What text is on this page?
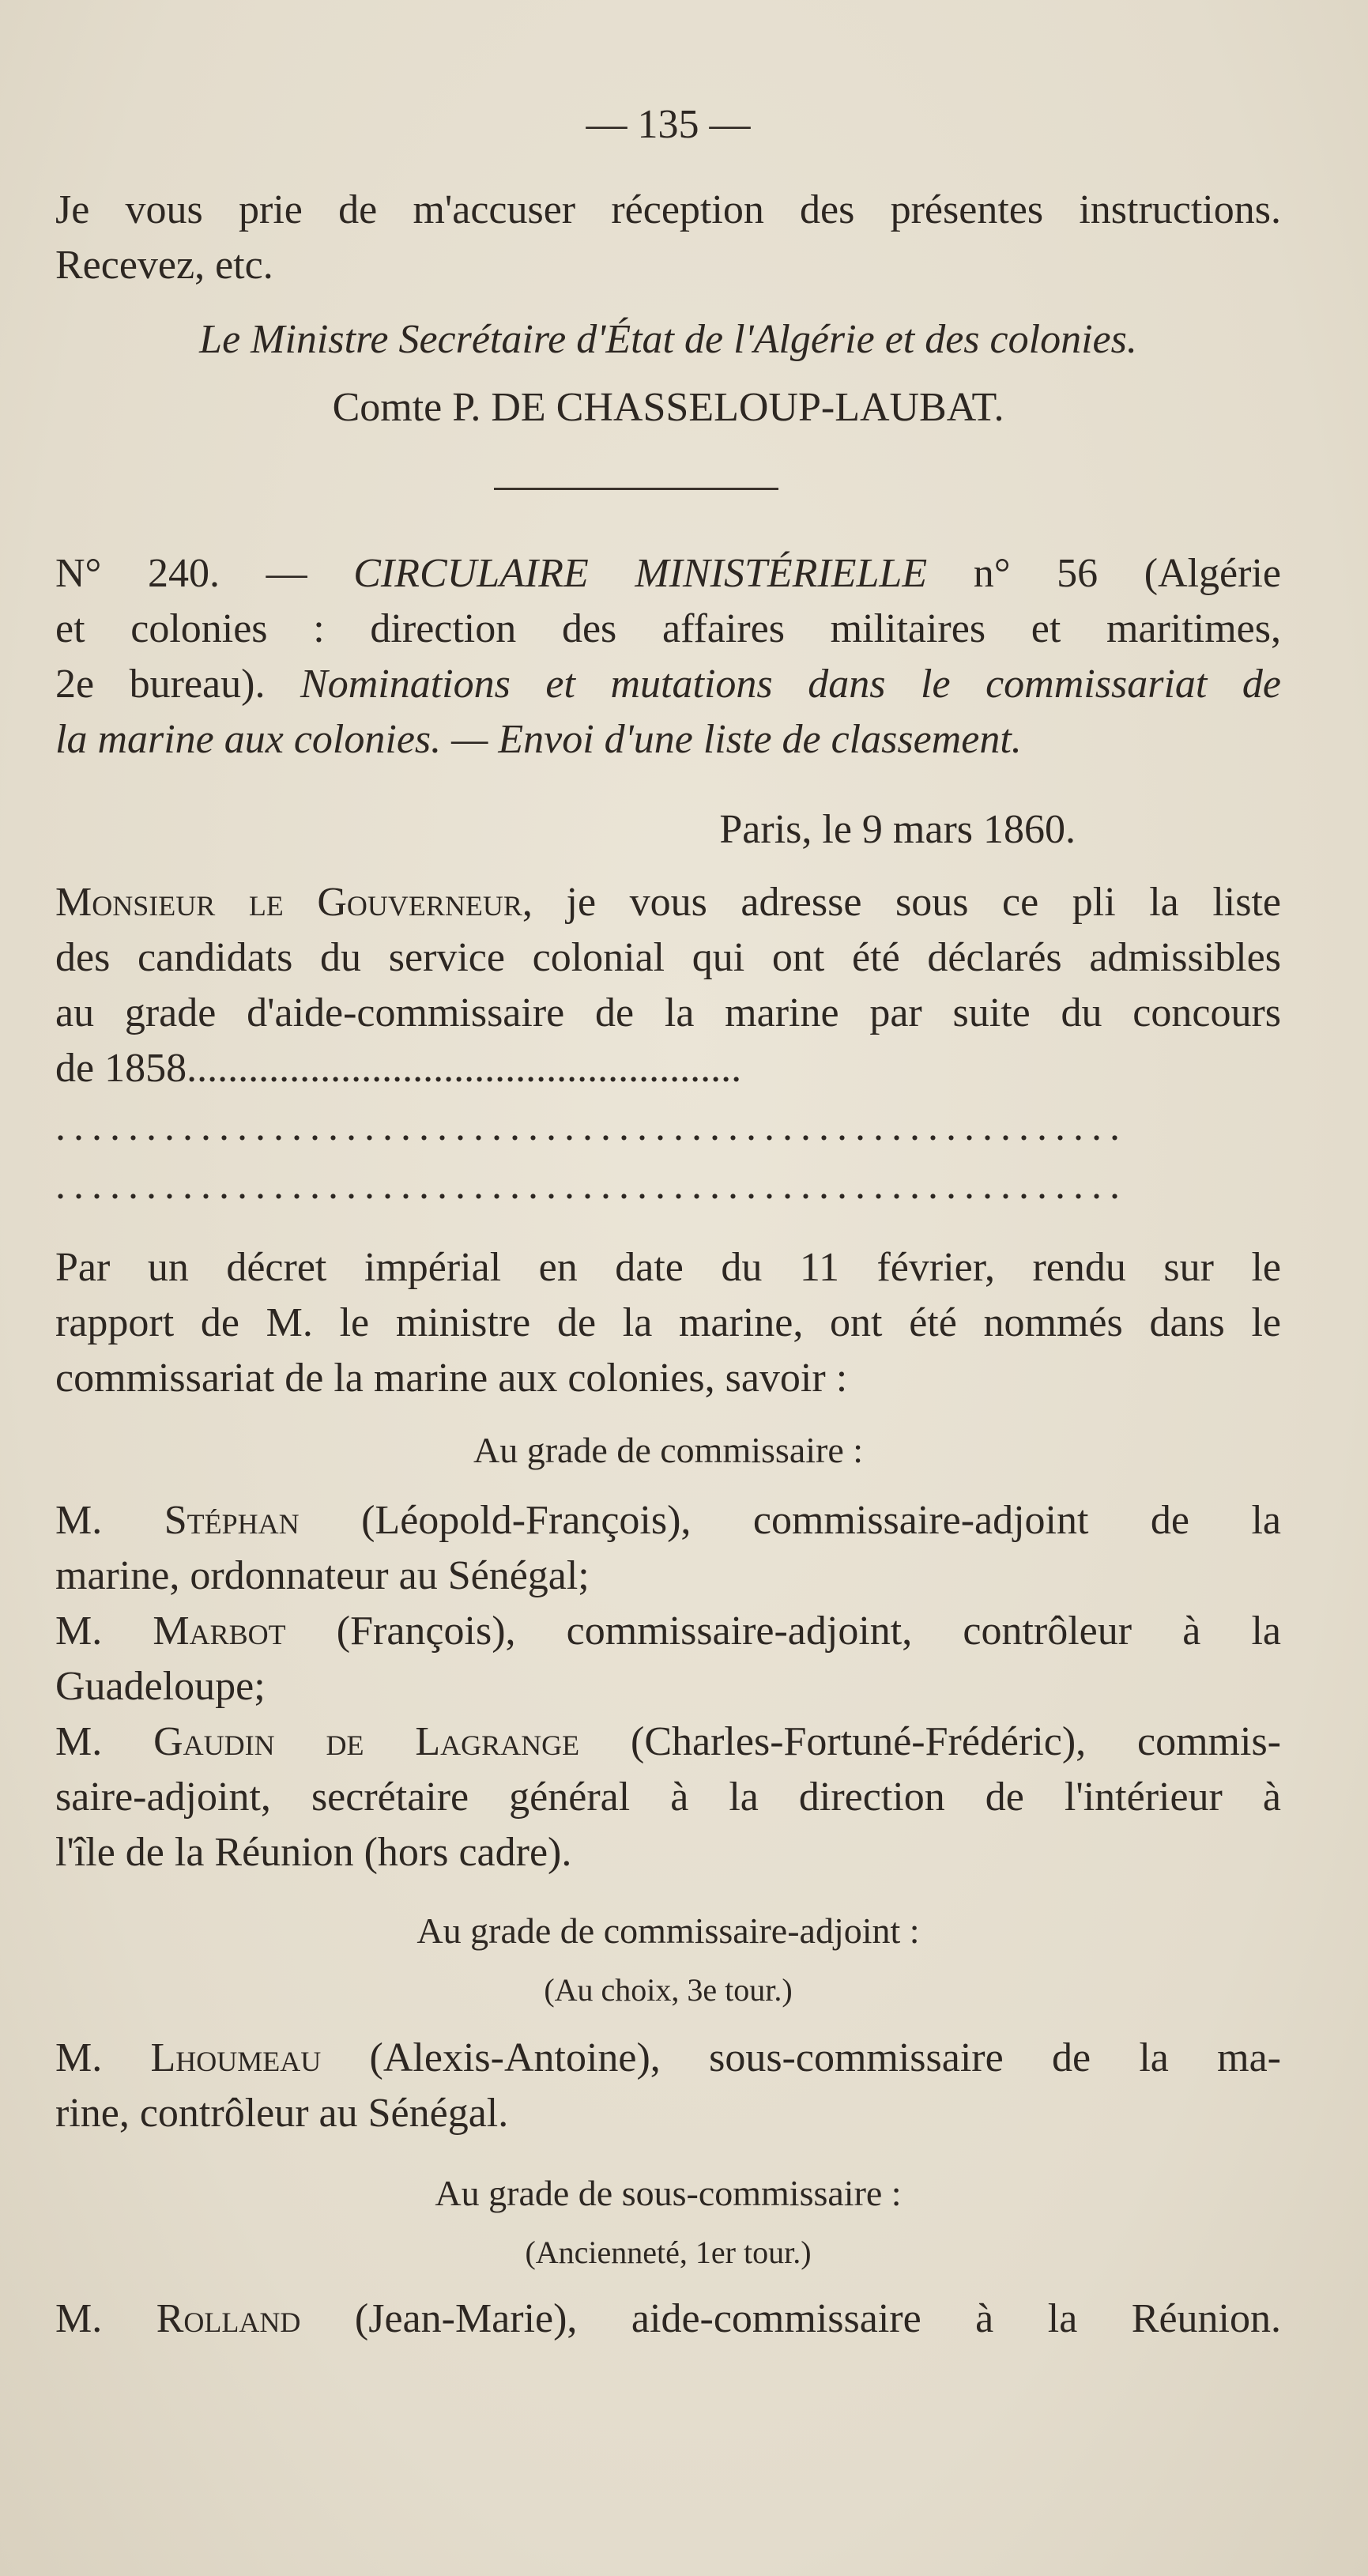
— 135 —
Je vous prie de m'accuser réception des présentes instructions.
Recevez, etc.
Le Ministre Secrétaire d'État de l'Algérie et des colonies.
Comte P. DE CHASSELOUP-LAUBAT.
N° 240. — CIRCULAIRE MINISTÉRIELLE n° 56 (Algérie
et colonies : direction des affaires militaires et maritimes,
2e bureau). Nominations et mutations dans le commissariat de
la marine aux colonies. — Envoi d'une liste de classement.
Paris, le 9 mars 1860.
Monsieur le Gouverneur, je vous adresse sous ce pli la liste
des candidats du service colonial qui ont été déclarés admissibles
au grade d'aide-commissaire de la marine par suite du concours
de 1858......................................................
...........................................................
...........................................................
Par un décret impérial en date du 11 février, rendu sur le
rapport de M. le ministre de la marine, ont été nommés dans le
commissariat de la marine aux colonies, savoir :
Au grade de commissaire :
M. Stéphan (Léopold-François), commissaire-adjoint de la
marine, ordonnateur au Sénégal;
M. Marbot (François), commissaire-adjoint, contrôleur à la
Guadeloupe;
M. Gaudin de Lagrange (Charles-Fortuné-Frédéric), commis-
saire-adjoint, secrétaire général à la direction de l'intérieur à
l'île de la Réunion (hors cadre).
Au grade de commissaire-adjoint :
(Au choix, 3e tour.)
M. Lhoumeau (Alexis-Antoine), sous-commissaire de la ma-
rine, contrôleur au Sénégal.
Au grade de sous-commissaire :
(Ancienneté, 1er tour.)
M. Rolland (Jean-Marie), aide-commissaire à la Réunion.
